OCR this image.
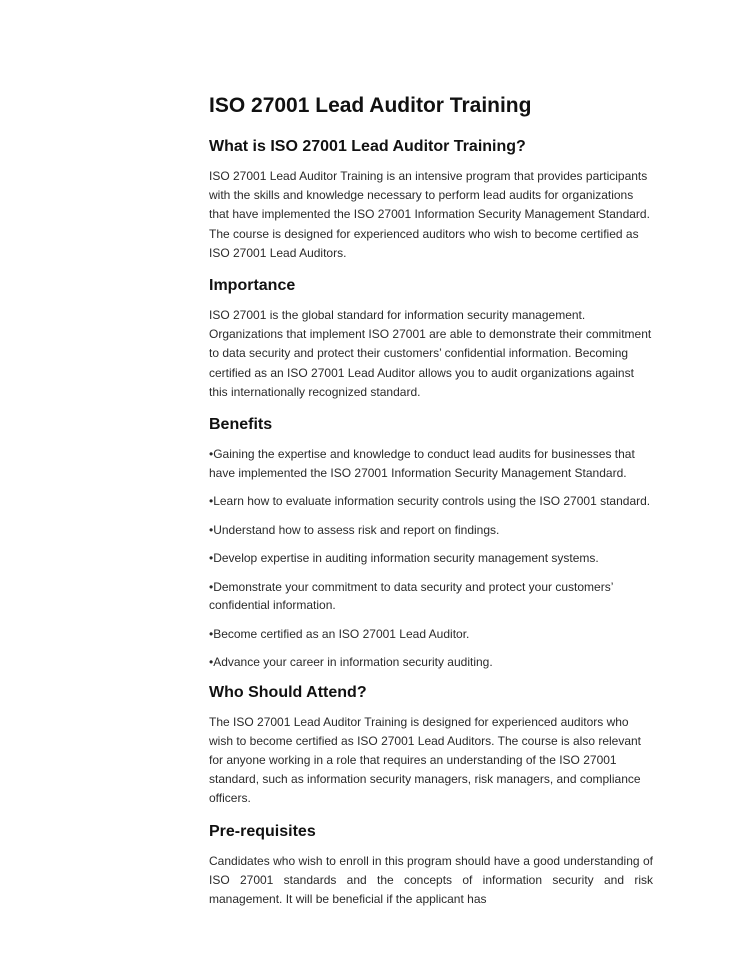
ISO 27001 Lead Auditor Training
What is ISO 27001 Lead Auditor Training?

ISO 27001 Lead Auditor Training is an intensive program that provides participants with the skills and knowledge necessary to perform lead audits for organizations that have implemented the ISO 27001 Information Security Management Standard. The course is designed for experienced auditors who wish to become certified as ISO 27001 Lead Auditors.

Importance

ISO 27001 is the global standard for information security management. Organizations that implement ISO 27001 are able to demonstrate their commitment to data security and protect their customers’ confidential information. Becoming certified as an ISO 27001 Lead Auditor allows you to audit organizations against this internationally recognized standard.

Benefits

•Gaining the expertise and knowledge to conduct lead audits for businesses that have implemented the ISO 27001 Information Security Management Standard.

•Learn how to evaluate information security controls using the ISO 27001 standard.

•Understand how to assess risk and report on findings.

•Develop expertise in auditing information security management systems.

•Demonstrate your commitment to data security and protect your customers’ confidential information.

•Become certified as an ISO 27001 Lead Auditor.

•Advance your career in information security auditing.

Who Should Attend?

The ISO 27001 Lead Auditor Training is designed for experienced auditors who wish to become certified as ISO 27001 Lead Auditors. The course is also relevant for anyone working in a role that requires an understanding of the ISO 27001 standard, such as information security managers, risk managers, and compliance officers.

Pre-requisites

Candidates who wish to enroll in this program should have a good understanding of ISO 27001 standards and the concepts of information security and risk management. It will be beneficial if the applicant has
